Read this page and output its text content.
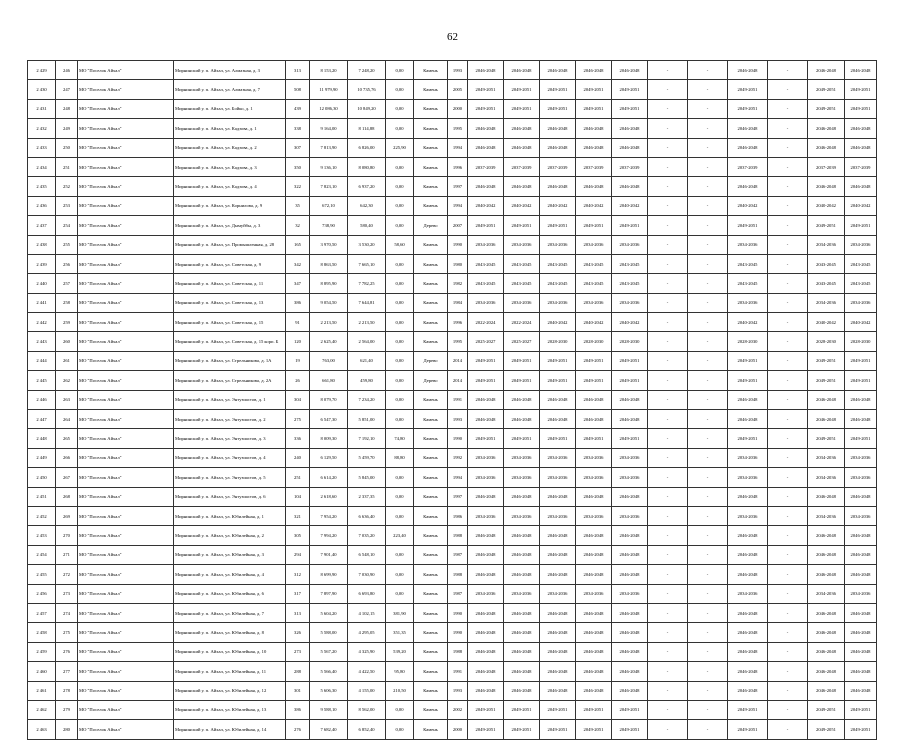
62
2 429	246	МО "Поселок Айхал"	Мирнинский у. п. Айхал, ул. Алмазная, д. 3	313	8 153,20	7 248,20	0,00	Камень	1993	2046-2048	2046-2048	2046-2048	2046-2048	2046-2048	-	-	2046-2048	-	2046-2048	2046-2048
2 430	247	МО "Поселок Айхал"	Мирнинский у. п. Айхал, ул. Алмазная, д. 7	508	11 979,90	10 735,76	0,00	Камень	2005	2049-2051	2049-2051	2049-2051	2049-2051	2049-2051	-	-	2049-2051	-	2049-2051	2049-2051
2 431	248	МО "Поселок Айхал"	Мирнинский у. п. Айхал, ул. Бойко, д. 1	439	12 086,30	10 849,20	0,00	Камень	2000	2049-2051	2049-2051	2049-2051	2049-2051	2049-2051	-	-	2049-2051	-	2049-2051	2049-2051
2 432	249	МО "Поселок Айхал"	Мирнинский у. п. Айхал, ул. Кадзова, д. 1	338	9 164,00	8 114,88	0,00	Камень	1995	2046-2048	2046-2048	2046-2048	2046-2048	2046-2048	-	-	2046-2048	-	2046-2048	2046-2048
2 433	250	МО "Поселок Айхал"	Мирнинский у. п. Айхал, ул. Кадзова, д. 2	307	7 813,90	6 826,00	225,90	Камень	1994	2046-2048	2046-2048	2046-2048	2046-2048	2046-2048	-	-	2046-2048	-	2046-2048	2046-2048
2 434	251	МО "Поселок Айхал"	Мирнинский у. п. Айхал, ул. Кадзова, д. 3	350	9 136,10	8 080,80	0,00	Камень	1996	2037-2039	2037-2039	2037-2039	2037-2039	2037-2039	-	-	2037-2039	-	2037-2039	2037-2039
2 435	252	МО "Поселок Айхал"	Мирнинский у. п. Айхал, ул. Кадзова, д. 4	322	7 823,10	6 937,20	0,00	Камень	1997	2046-2048	2046-2048	2046-2048	2046-2048	2046-2048	-	-	2046-2048	-	2046-2048	2046-2048
2 436	253	МО "Поселок Айхал"	Мирнинский у. п. Айхал, ул. Корнилова, д. 9	35	672,10	642,30	0,00	Камень	1994	2040-2042	2040-2042	2040-2042	2040-2042	2040-2042	-	-	2040-2042	-	2040-2042	2040-2042
2 437	254	МО "Поселок Айхал"	Мирнинский у. п. Айхал, ул. Дымуйбы, д. 3	32	738,90	580,40	0,00	Дерево	2007	2049-2051	2049-2051	2049-2051	2049-2051	2049-2051	-	-	2049-2051	-	2049-2051	2049-2051
2 438	255	МО "Поселок Айхал"	Мирнинский у. п. Айхал, ул. Промышленная, д. 28	165	3 970,50	3 530,20	58,60	Камень	1990	2034-2036	2034-2036	2034-2036	2034-2036	2034-2036	-	-	2034-2036	-	2034-2036	2034-2036
2 439	256	МО "Поселок Айхал"	Мирнинский у. п. Айхал, ул. Советская, д. 9	342	8 863,50	7 665,10	0,00	Камень	1980	2043-2045	2043-2045	2043-2045	2043-2045	2043-2045	-	-	2043-2045	-	2043-2045	2043-2045
2 440	257	МО "Поселок Айхал"	Мирнинский у. п. Айхал, ул. Советская, д. 11	347	8 895,90	7 782,25	0,00	Камень	1982	2043-2045	2043-2045	2043-2045	2043-2045	2043-2045	-	-	2043-2045	-	2043-2045	2043-2045
2 441	258	МО "Поселок Айхал"	Мирнинский у. п. Айхал, ул. Советская, д. 13	386	9 054,50	7 644,81	0,00	Камень	1984	2034-2036	2034-2036	2034-2036	2034-2036	2034-2036	-	-	2034-2036	-	2034-2036	2034-2036
2 442	259	МО "Поселок Айхал"	Мирнинский у. п. Айхал, ул. Советская, д. 15	91	2 213,50	2 213,50	0,00	Камень	1996	2022-2024	2022-2024	2040-2042	2040-2042	2040-2042	-	-	2040-2042	-	2040-2042	2040-2042
2 443	260	МО "Поселок Айхал"	Мирнинский у. п. Айхал, ул. Советская, д. 15 корп. Б	120	2 625,40	2 564,00	0,00	Камень	1995	2025-2027	2025-2027	2028-2030	2028-2030	2028-2030	-	-	2028-2030	-	2028-2030	2028-2030
2 444	261	МО "Поселок Айхал"	Мирнинский у. п. Айхал, ул. Стрельникова, д. 1А	19	763,00	621,40	0,00	Дерево	2014	2049-2051	2049-2051	2049-2051	2049-2051	2049-2051	-	-	2049-2051	-	2049-2051	2049-2051
2 445	262	МО "Поселок Айхал"	Мирнинский у. п. Айхал, ул. Стрельникова, д. 2А	26	661,80	459,80	0,00	Дерево	2014	2049-2051	2049-2051	2049-2051	2049-2051	2049-2051	-	-	2049-2051	-	2049-2051	2049-2051
2 446	263	МО "Поселок Айхал"	Мирнинский у. п. Айхал, ул. Энтузиастов, д. 1	304	8 079,70	7 234,20	0,00	Камень	1991	2046-2048	2046-2048	2046-2048	2046-2048	2046-2048	-	-	2046-2048	-	2046-2048	2046-2048
2 447	264	МО "Поселок Айхал"	Мирнинский у. п. Айхал, ул. Энтузиастов, д. 2	275	6 547,30	5 851,00	0,00	Камень	1993	2046-2048	2046-2048	2046-2048	2046-2048	2046-2048	-	-	2046-2048	-	2046-2048	2046-2048
2 448	265	МО "Поселок Айхал"	Мирнинский у. п. Айхал, ул. Энтузиастов, д. 3	336	8 009,30	7 192,10	74,80	Камень	1990	2049-2051	2049-2051	2049-2051	2049-2051	2049-2051	-	-	2049-2051	-	2049-2051	2049-2051
2 449	266	МО "Поселок Айхал"	Мирнинский у. п. Айхал, ул. Энтузиастов, д. 4	240	6 129,50	5 459,70	88,80	Камень	1992	2034-2036	2034-2036	2034-2036	2034-2036	2034-2036	-	-	2034-2036	-	2034-2036	2034-2036
2 450	267	МО "Поселок Айхал"	Мирнинский у. п. Айхал, ул. Энтузиастов, д. 5	251	6 614,20	5 845,00	0,00	Камень	1994	2034-2036	2034-2036	2034-2036	2034-2036	2034-2036	-	-	2034-2036	-	2034-2036	2034-2036
2 451	268	МО "Поселок Айхал"	Мирнинский у. п. Айхал, ул. Энтузиастов, д. 6	104	2 618,60	2 337,35	0,00	Камень	1997	2046-2048	2046-2048	2046-2048	2046-2048	2046-2048	-	-	2046-2048	-	2046-2048	2046-2048
2 452	269	МО "Поселок Айхал"	Мирнинский у. п. Айхал, ул. Юбилейная, д. 1	321	7 954,20	6 636,40	0,00	Камень	1986	2034-2036	2034-2036	2034-2036	2034-2036	2034-2036	-	-	2034-2036	-	2034-2036	2034-2036
2 453	270	МО "Поселок Айхал"	Мирнинский у. п. Айхал, ул. Юбилейная, д. 2	305	7 994,20	7 035,20	223,40	Камень	1988	2046-2048	2046-2048	2046-2048	2046-2048	2046-2048	-	-	2046-2048	-	2046-2048	2046-2048
2 454	271	МО "Поселок Айхал"	Мирнинский у. п. Айхал, ул. Юбилейная, д. 3	294	7 901,40	6 548,10	0,00	Камень	1987	2046-2048	2046-2048	2046-2048	2046-2048	2046-2048	-	-	2046-2048	-	2046-2048	2046-2048
2 455	272	МО "Поселок Айхал"	Мирнинский у. п. Айхал, ул. Юбилейная, д. 4	312	8 699,90	7 030,90	0,00	Камень	1988	2046-2048	2046-2048	2046-2048	2046-2048	2046-2048	-	-	2046-2048	-	2046-2048	2046-2048
2 456	273	МО "Поселок Айхал"	Мирнинский у. п. Айхал, ул. Юбилейная, д. 6	317	7 897,90	6 693,80	0,00	Камень	1987	2034-2036	2034-2036	2034-2036	2034-2036	2034-2036	-	-	2034-2036	-	2034-2036	2034-2036
2 457	274	МО "Поселок Айхал"	Мирнинский у. п. Айхал, ул. Юбилейная, д. 7	313	5 604,20	4 102,15	381,90	Камень	1990	2046-2048	2046-2048	2046-2048	2046-2048	2046-2048	-	-	2046-2048	-	2046-2048	2046-2048
2 458	275	МО "Поселок Айхал"	Мирнинский у. п. Айхал, ул. Юбилейная, д. 8	326	5 588,00	4 295,05	351,35	Камень	1990	2046-2048	2046-2048	2046-2048	2046-2048	2046-2048	-	-	2046-2048	-	2046-2048	2046-2048
2 459	276	МО "Поселок Айхал"	Мирнинский у. п. Айхал, ул. Юбилейная, д. 10	273	5 567,20	4 325,90	539,20	Камень	1988	2046-2048	2046-2048	2046-2048	2046-2048	2046-2048	-	-	2046-2048	-	2046-2048	2046-2048
2 460	277	МО "Поселок Айхал"	Мирнинский у. п. Айхал, ул. Юбилейная, д. 11	288	5 566,40	4 422,50	95,80	Камень	1991	2046-2048	2046-2048	2046-2048	2046-2048	2046-2048	-	-	2046-2048	-	2046-2048	2046-2048
2 461	278	МО "Поселок Айхал"	Мирнинский у. п. Айхал, ул. Юбилейная, д. 12	301	5 606,30	4 155,00	210,50	Камень	1993	2046-2048	2046-2048	2046-2048	2046-2048	2046-2048	-	-	2046-2048	-	2046-2048	2046-2048
2 462	279	МО "Поселок Айхал"	Мирнинский у. п. Айхал, ул. Юбилейная, д. 13	386	9 588,10	8 562,00	0,00	Камень	2002	2049-2051	2049-2051	2049-2051	2049-2051	2049-2051	-	-	2049-2051	-	2049-2051	2049-2051
2 463	280	МО "Поселок Айхал"	Мирнинский у. п. Айхал, ул. Юбилейная, д. 14	276	7 682,40	6 852,40	0,00	Камень	2000	2049-2051	2049-2051	2049-2051	2049-2051	2049-2051	-	-	2049-2051	-	2049-2051	2049-2051
